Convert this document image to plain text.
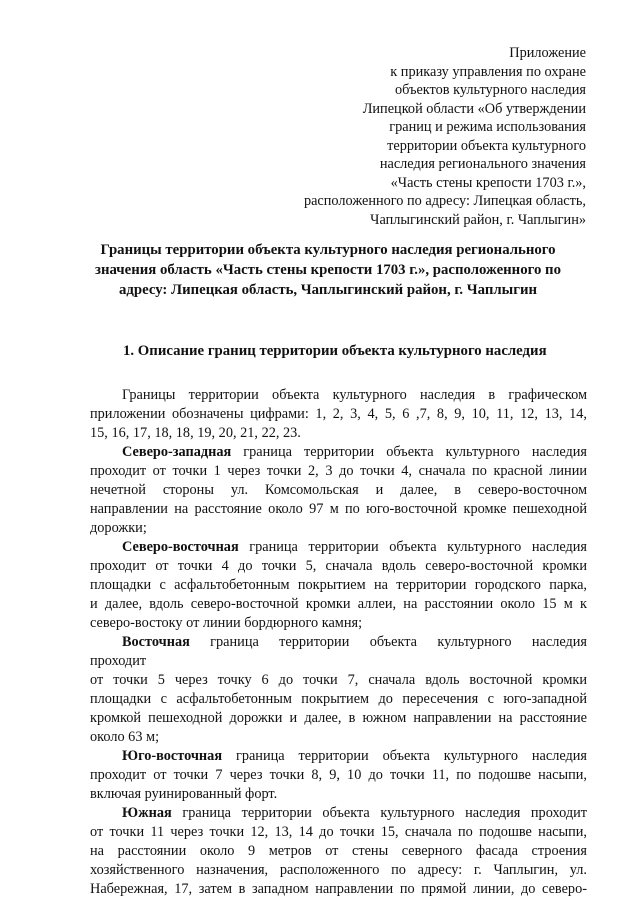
Приложение
к приказу управления по охране
объектов культурного наследия
Липецкой области «Об утверждении
границ и режима использования
территории объекта культурного
наследия регионального значения
«Часть стены крепости 1703 г.»,
расположенного по адресу: Липецкая область,
Чаплыгинский район, г. Чаплыгин»
Границы территории объекта культурного наследия регионального
значения область «Часть стены крепости 1703 г.», расположенного по
адресу: Липецкая область, Чаплыгинский район, г. Чаплыгин
1. Описание границ территории объекта культурного наследия
Границы территории объекта культурного наследия в графическом
приложении обозначены цифрами: 1, 2, 3, 4, 5, 6 ,7, 8, 9, 10, 11, 12, 13, 14,
15, 16, 17, 18, 18, 19, 20, 21, 22, 23.
Северо-западная граница территории объекта культурного наследия
проходит от точки 1 через точки 2, 3 до точки 4, сначала по красной линии
нечетной стороны ул. Комсомольская и далее, в северо-восточном
направлении на расстояние около 97 м по юго-восточной кромке пешеходной
дорожки;
Северо-восточная граница территории объекта культурного наследия
проходит от точки 4 до точки 5, сначала вдоль северо-восточной кромки
площадки с асфальтобетонным покрытием на территории городского парка,
и далее, вдоль северо-восточной кромки аллеи, на расстоянии около 15 м к
северо-востоку от линии бордюрного камня;
Восточная граница территории объекта культурного наследия
проходит
от точки 5 через точку 6 до точки 7, сначала вдоль восточной кромки
площадки с асфальтобетонным покрытием до пересечения с юго-западной
кромкой пешеходной дорожки и далее, в южном направлении на расстояние
около 63 м;
Юго-восточная граница территории объекта культурного наследия
проходит от точки 7 через точки 8, 9, 10 до точки 11, по подошве насыпи,
включая руинированный форт.
Южная граница территории объекта культурного наследия проходит
от точки 11 через точки 12, 13, 14 до точки 15, сначала по подошве насыпи,
на расстоянии около 9 метров от стены северного фасада строения
хозяйственного назначения, расположенного по адресу: г. Чаплыгин, ул.
Набережная, 17, затем в западном направлении по прямой линии, до северо-
